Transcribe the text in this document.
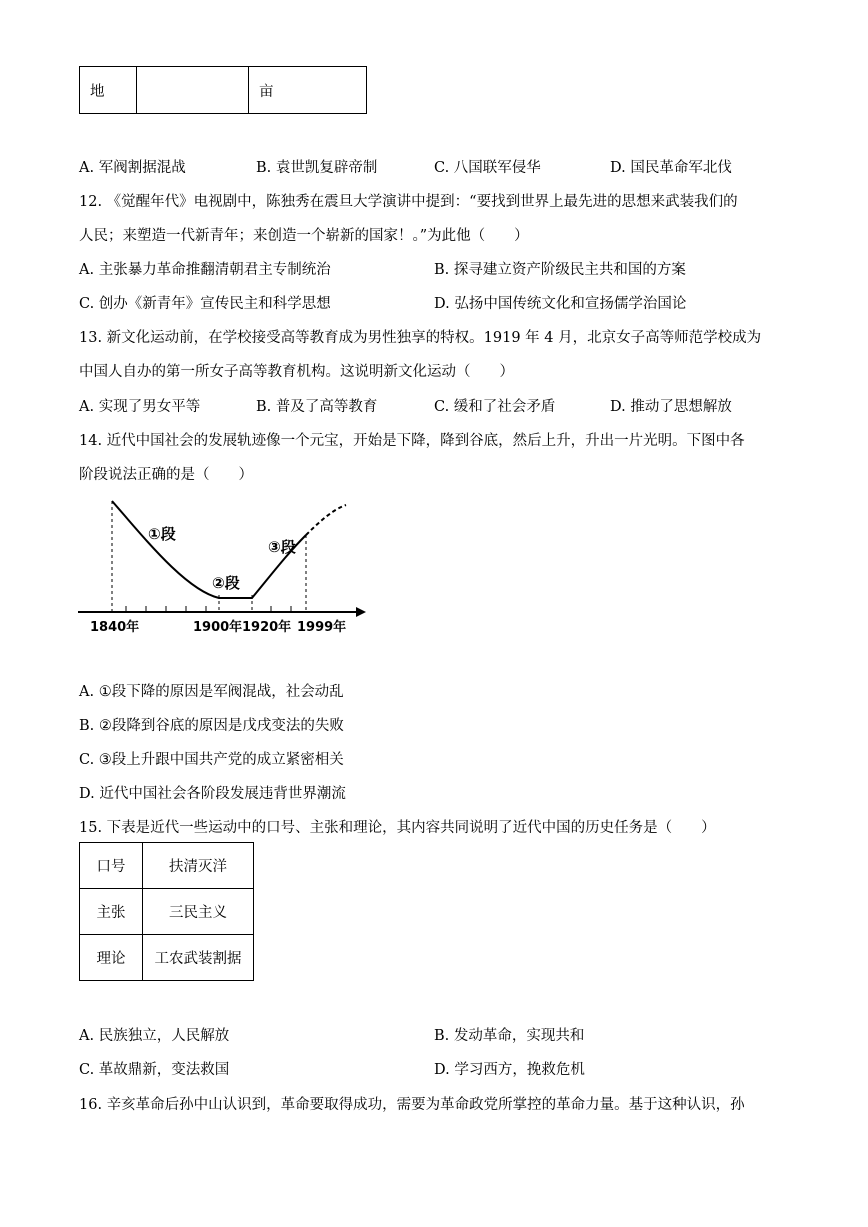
地		亩
A. 军阀割据混战	B. 袁世凯复辟帝制	C. 八国联军侵华	D. 国民革命军北伐
12. 《觉醒年代》电视剧中，陈独秀在震旦大学演讲中提到：“要找到世界上最先进的思想来武装我们的
人民；来塑造一代新青年；来创造一个崭新的国家！。”为此他（　　）
A. 主张暴力革命推翻清朝君主专制统治	B. 探寻建立资产阶级民主共和国的方案
C. 创办《新青年》宣传民主和科学思想	D. 弘扬中国传统文化和宣扬儒学治国论
13. 新文化运动前，在学校接受高等教育成为男性独享的特权。1919 年 4 月，北京女子高等师范学校成为
中国人自办的第一所女子高等教育机构。这说明新文化运动（　　）
A. 实现了男女平等	B. 普及了高等教育	C. 缓和了社会矛盾	D. 推动了思想解放
14. 近代中国社会的发展轨迹像一个元宝，开始是下降，降到谷底，然后上升，升出一片光明。下图中各
阶段说法正确的是（　　）
①段
②段
③段
1840年	1900年 1920年 1999年
A. ①段下降的原因是军阀混战，社会动乱
B. ②段降到谷底的原因是戊戌变法的失败
C. ③段上升跟中国共产党的成立紧密相关
D. 近代中国社会各阶段发展违背世界潮流
15. 下表是近代一些运动中的口号、主张和理论，其内容共同说明了近代中国的历史任务是（　　）
口号	扶清灭洋
主张	三民主义
理论	工农武装割据
A. 民族独立，人民解放	B. 发动革命，实现共和
C. 革故鼎新，变法救国	D. 学习西方，挽救危机
16. 辛亥革命后孙中山认识到，革命要取得成功，需要为革命政党所掌控的革命力量。基于这种认识，孙
